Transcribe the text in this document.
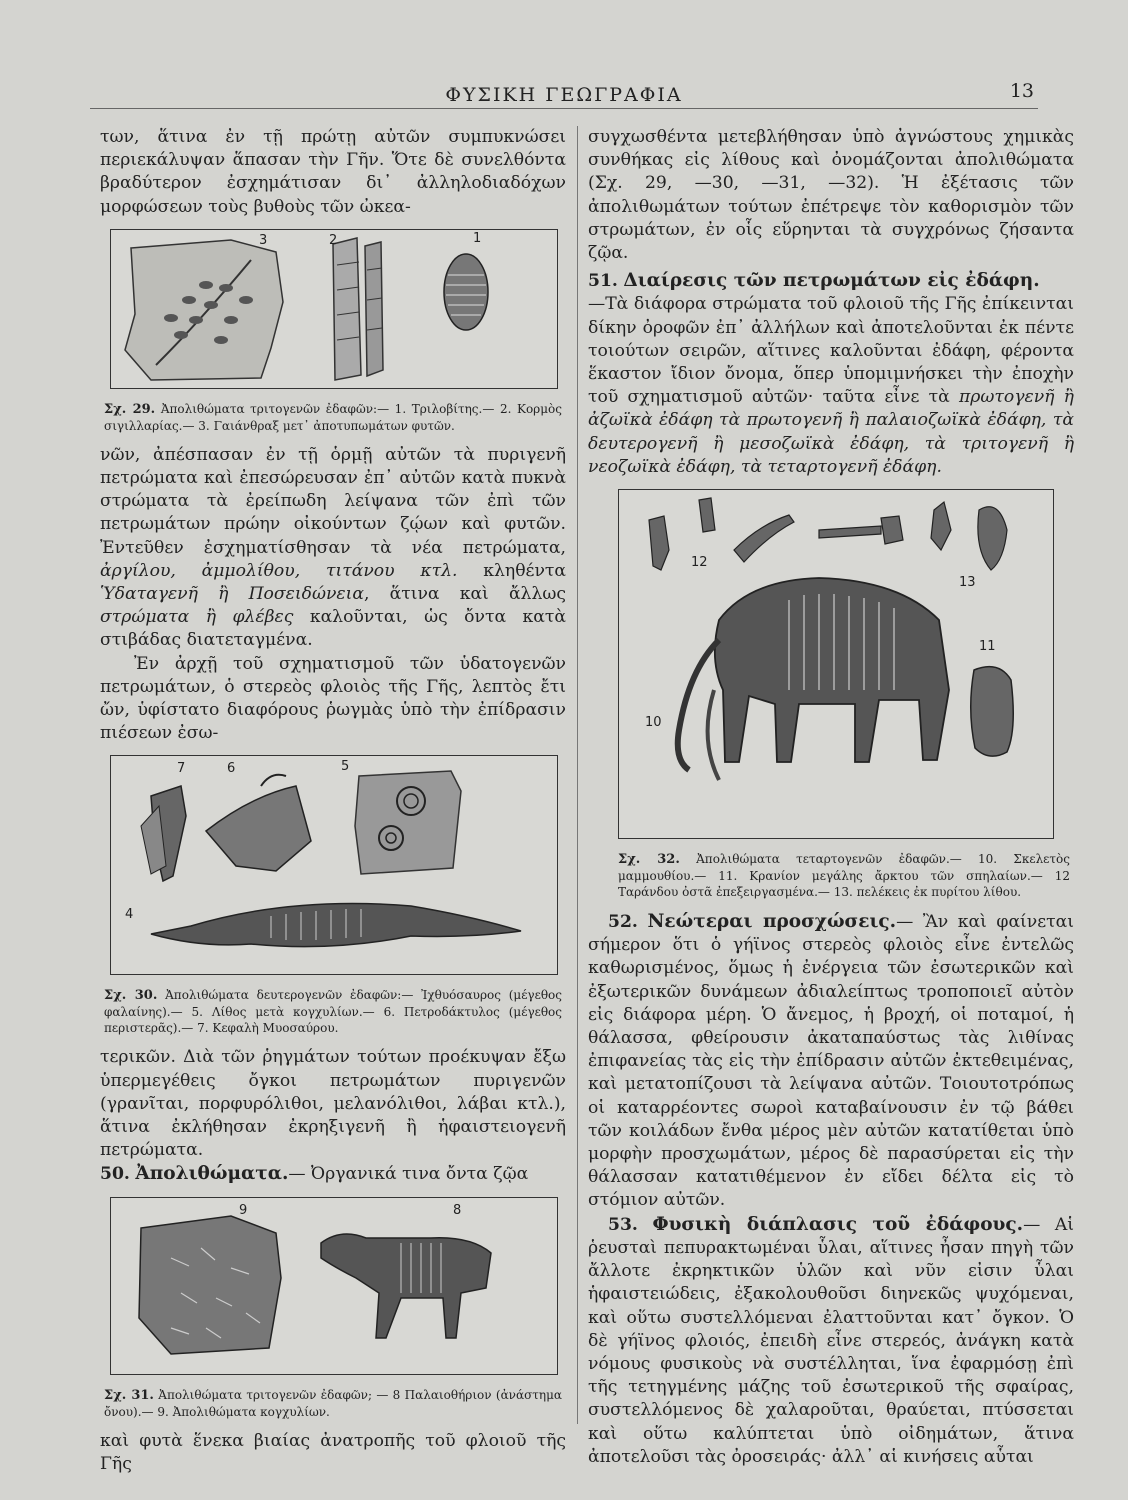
ΦΥΣΙΚΗ ΓΕΩΓΡΑΦΙΑ	13

των, ἅτινα ἐν τῇ πρώτῃ αὐτῶν συμπυκνώσει περιεκάλυψαν ἅπασαν τὴν Γῆν. Ὅτε δὲ συνελθόντα βραδύτερον ἐσχημάτισαν δι᾽ ἀλληλοδιαδόχων μορφώσεων τοὺς βυθοὺς τῶν ὠκεα-

3	2	1

Σχ. 29. Ἀπολιθώματα τριτογενῶν ἐδαφῶν:— 1. Τριλοβίτης.— 2. Κορμὸς σιγιλλαρίας.— 3. Γαιάνθραξ μετ᾽ ἀποτυπωμάτων φυτῶν.

νῶν, ἀπέσπασαν ἐν τῇ ὁρμῇ αὐτῶν τὰ πυριγενῆ πετρώματα καὶ ἐπεσώρευσαν ἐπ᾽ αὐτῶν κατὰ πυκνὰ στρώματα τὰ ἐρείπωδη λείψανα τῶν ἐπὶ τῶν πετρωμάτων πρώην οἰκούντων ζῴων καὶ φυτῶν. Ἐντεῦθεν ἐσχηματίσθησαν τὰ νέα πετρώματα, ἀργίλου, ἀμμολίθου, τιτάνου κτλ. κληθέντα Ὑδαταγενῆ ἢ Ποσειδώνεια, ἅτινα καὶ ἄλλως στρώματα ἢ φλέβες καλοῦνται, ὡς ὄντα κατὰ στιβάδας διατεταγμένα.

Ἐν ἀρχῇ τοῦ σχηματισμοῦ τῶν ὑδατογενῶν πετρωμάτων, ὁ στερεὸς φλοιὸς τῆς Γῆς, λεπτὸς ἔτι ὤν, ὑφίστατο διαφόρους ῥωγμὰς ὑπὸ τὴν ἐπίδρασιν πιέσεων ἐσω-

7	6	5
4

Σχ. 30. Ἀπολιθώματα δευτερογενῶν ἐδαφῶν:— Ἰχθυόσαυρος (μέγεθος φαλαίνης).— 5. Λίθος μετὰ κογχυλίων.— 6. Πετροδάκτυλος (μέγεθος περιστερᾶς).— 7. Κεφαλὴ Μυοσαύρου.

τερικῶν. Διὰ τῶν ῥηγμάτων τούτων προέκυψαν ἔξω ὑπερμεγέθεις ὄγκοι πετρωμάτων πυριγενῶν (γρανῖται, πορφυρόλιθοι, μελανόλιθοι, λάβαι κτλ.), ἅτινα ἐκλήθησαν ἐκρηξιγενῆ ἢ ἡφαιστειογενῆ πετρώματα.

50. Ἀπολιθώματα.— Ὀργανικά τινα ὄντα ζῷα

9	8

Σχ. 31. Ἀπολιθώματα τριτογενῶν ἐδαφῶν; — 8 Παλαιοθήριον (ἀνάστημα ὄνου).— 9. Ἀπολιθώματα κογχυλίων.

καὶ φυτὰ ἕνεκα βιαίας ἀνατροπῆς τοῦ φλοιοῦ τῆς Γῆς

συγχωσθέντα μετεβλήθησαν ὑπὸ ἀγνώστους χημικὰς συνθήκας εἰς λίθους καὶ ὀνομάζονται ἀπολιθώματα (Σχ. 29, —30, —31, —32). Ἡ ἐξέτασις τῶν ἀπολιθωμάτων τούτων ἐπέτρεψε τὸν καθορισμὸν τῶν στρωμάτων, ἐν οἷς εὕρηνται τὰ συγχρόνως ζήσαντα ζῷα.

51. Διαίρεσις τῶν πετρωμάτων εἰς ἐδάφη.

—Τὰ διάφορα στρώματα τοῦ φλοιοῦ τῆς Γῆς ἐπίκεινται δίκην ὀροφῶν ἐπ᾽ ἀλλήλων καὶ ἀποτελοῦνται ἐκ πέντε τοιούτων σειρῶν, αἵτινες καλοῦνται ἐδάφη, φέροντα ἕκαστον ἴδιον ὄνομα, ὅπερ ὑπομιμνήσκει τὴν ἐποχὴν τοῦ σχηματισμοῦ αὐτῶν· ταῦτα εἶνε τὰ πρωτογενῆ ἢ ἀζωϊκὰ ἐδάφη τὰ πρωτογενῆ ἢ παλαιοζωϊκὰ ἐδάφη, τὰ δευτερογενῆ ἢ μεσοζωϊκὰ ἐδάφη, τὰ τριτογενῆ ἢ νεοζωϊκὰ ἐδάφη, τὰ τεταρτογενῆ ἐδάφη.

12
13
11
10

Σχ. 32. Ἀπολιθώματα τεταρτογενῶν ἐδαφῶν.— 10. Σκελετὸς μαμμουθίου.— 11. Κρανίον μεγάλης ἄρκτου τῶν σπηλαίων.— 12 Ταράνδου ὀστᾶ ἐπεξειργασμένα.— 13. πελέκεις ἐκ πυρίτου λίθου.

52. Νεώτεραι προσχώσεις.— Ἂν καὶ φαίνεται σήμερον ὅτι ὁ γήϊνος στερεὸς φλοιὸς εἶνε ἐντελῶς καθωρισμένος, ὅμως ἡ ἐνέργεια τῶν ἐσωτερικῶν καὶ ἐξωτερικῶν δυνάμεων ἀδιαλείπτως τροποποιεῖ αὐτὸν εἰς διάφορα μέρη. Ὁ ἄνεμος, ἡ βροχή, οἱ ποταμοί, ἡ θάλασσα, φθείρουσιν ἀκαταπαύστως τὰς λιθίνας ἐπιφανείας τὰς εἰς τὴν ἐπίδρασιν αὐτῶν ἐκτεθειμένας, καὶ μετατοπίζουσι τὰ λείψανα αὐτῶν. Τοιουτοτρόπως οἱ καταρρέοντες σωροὶ καταβαίνουσιν ἐν τῷ βάθει τῶν κοιλάδων ἔνθα μέρος μὲν αὐτῶν κατατίθεται ὑπὸ μορφὴν προσχωμάτων, μέρος δὲ παρασύρεται εἰς τὴν θάλασσαν κατατιθέμενον ἐν εἴδει δέλτα εἰς τὸ στόμιον αὐτῶν.

53. Φυσικὴ διάπλασις τοῦ ἐδάφους.— Αἱ ῥευσταὶ πεπυρακτωμέναι ὗλαι, αἵτινες ἦσαν πηγὴ τῶν ἄλλοτε ἐκρηκτικῶν ὑλῶν καὶ νῦν εἰσιν ὗλαι ἡφαιστειώδεις, ἐξακολουθοῦσι διηνεκῶς ψυχόμεναι, καὶ οὕτω συστελλόμεναι ἐλαττοῦνται κατ᾽ ὄγκον. Ὁ δὲ γήϊνος φλοιός, ἐπειδὴ εἶνε στερεός, ἀνάγκη κατὰ νόμους φυσικοὺς νὰ συστέλληται, ἵνα ἐφαρμόσῃ ἐπὶ τῆς τετηγμένης μάζης τοῦ ἐσωτερικοῦ τῆς σφαίρας, συστελλόμενος δὲ χαλαροῦται, θραύεται, πτύσσεται καὶ οὕτω καλύπτεται ὑπὸ οἰδημάτων, ἅτινα ἀποτελοῦσι τὰς ὀροσειράς· ἀλλ᾽ αἱ κινήσεις αὗται
